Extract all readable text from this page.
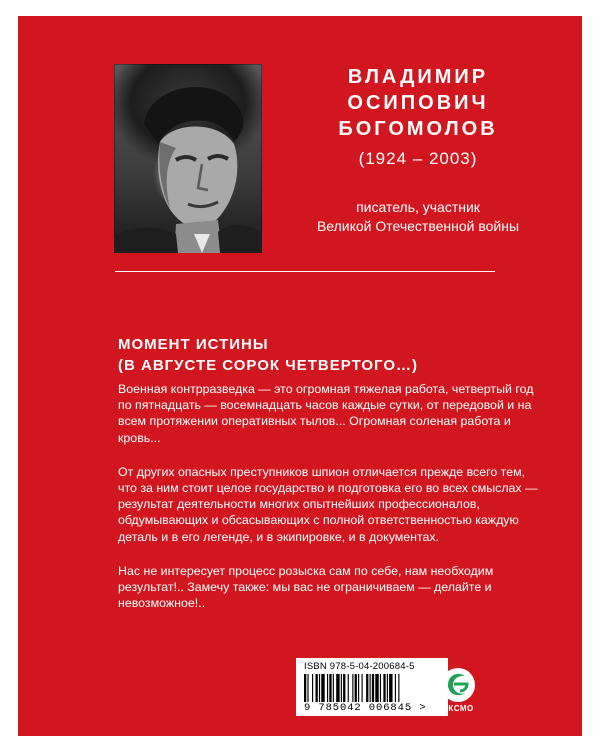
ВЛАДИМИР
ОСИПОВИЧ
БОГОМОЛОВ
(1924 – 2003)
писатель, участник
Великой Отечественной войны
МОМЕНТ ИСТИНЫ
(В АВГУСТЕ СОРОК ЧЕТВЕРТОГО…)

Военная контрразведка — это огромная тяжелая работа, четвертый год по пятнадцать — восемнадцать часов каждые сутки, от передовой и на всем протяжении оперативных тылов... Огромная соленая работа и кровь...

От других опасных преступников шпион отличается прежде всего тем, что за ним стоит целое государство и подготовка его во всех смыслах — результат деятельности многих опытнейших профессионалов, обдумывающих и обсасывающих с полной ответственностью каждую деталь и в его легенде, и в экипировке, и в документах.

Нас не интересует процесс розыска сам по себе, нам необходим результат!.. Замечу также: мы вас не ограничиваем — делайте и невозможное!..

ISBN 978-5-04-200684-5
9 785042 006845 >	ЭКСМО
